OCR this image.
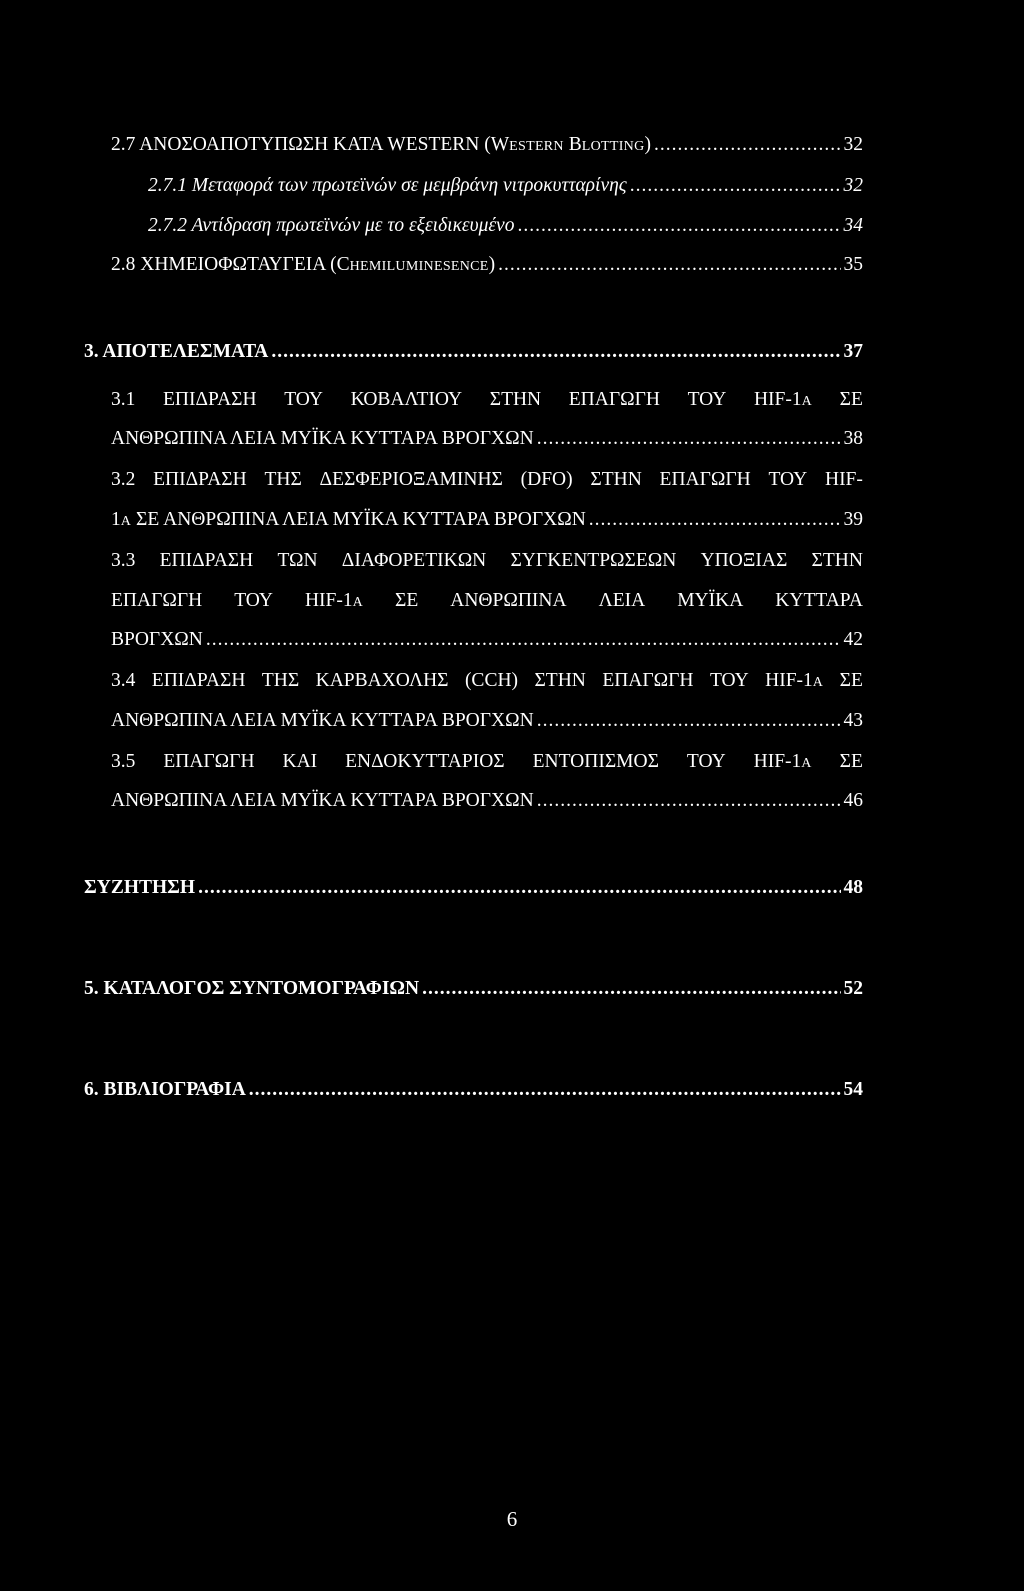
2.7 ΑΝΟΣΟΑΠΟΤΥΠΩΣΗ ΚΑΤΑ WESTERN (WESTERN BLOTTING) .....	32
2.7.1 Μεταφορά των πρωτεϊνών σε μεμβράνη νιτροκυτταρίνης .....	32
2.7.2 Αντίδραση πρωτεϊνών με το εξειδικευμένο .....	34
2.8 ΧΗΜΕΙΟΦΩΤΑΥΓΕΙΑ (CHEMILUMINESENCE) .....	35
3. ΑΠΟΤΕΛΕΣΜΑΤΑ .....	37
3.1 ΕΠΙΔΡΑΣΗ ΤΟΥ ΚΟΒΑΛΤΙΟΥ ΣΤΗΝ ΕΠΑΓΩΓΗ ΤΟΥ HIF-1Α ΣΕ
ΑΝΘΡΩΠΙΝΑ ΛΕΙΑ ΜΥΪΚΑ ΚΥΤΤΑΡΑ ΒΡΟΓΧΩΝ .....	38
3.2 ΕΠΙΔΡΑΣΗ ΤΗΣ ΔΕΣΦΕΡΙΟΞΑΜΙΝΗΣ (DFO) ΣΤΗΝ ΕΠΑΓΩΓΗ ΤΟΥ HIF-
1Α ΣΕ ΑΝΘΡΩΠΙΝΑ ΛΕΙΑ ΜΥΪΚΑ ΚΥΤΤΑΡΑ ΒΡΟΓΧΩΝ .....	39
3.3 ΕΠΙΔΡΑΣΗ ΤΩΝ ΔΙΑΦΟΡΕΤΙΚΩΝ ΣΥΓΚΕΝΤΡΩΣΕΩΝ ΥΠΟΞΙΑΣ ΣΤΗΝ
ΕΠΑΓΩΓΗ ΤΟΥ HIF-1Α ΣΕ ΑΝΘΡΩΠΙΝΑ ΛΕΙΑ ΜΥΪΚΑ ΚΥΤΤΑΡΑ
ΒΡΟΓΧΩΝ .....	42
3.4 ΕΠΙΔΡΑΣΗ ΤΗΣ ΚΑΡΒΑΧΟΛΗΣ (CCH) ΣΤΗΝ ΕΠΑΓΩΓΗ ΤΟΥ HIF-1Α ΣΕ
ΑΝΘΡΩΠΙΝΑ ΛΕΙΑ ΜΥΪΚΑ ΚΥΤΤΑΡΑ ΒΡΟΓΧΩΝ .....	43
3.5 ΕΠΑΓΩΓΗ ΚΑΙ ΕΝΔΟΚΥΤΤΑΡΙΟΣ ΕΝΤΟΠΙΣΜΟΣ ΤΟΥ HIF-1Α ΣΕ
ΑΝΘΡΩΠΙΝΑ ΛΕΙΑ ΜΥΪΚΑ ΚΥΤΤΑΡΑ ΒΡΟΓΧΩΝ .....	46
ΣΥΖΗΤΗΣΗ .....	48
5. ΚΑΤΑΛΟΓΟΣ ΣΥΝΤΟΜΟΓΡΑΦΙΩΝ .....	52
6. ΒΙΒΛΙΟΓΡΑΦΙΑ .....	54
6
